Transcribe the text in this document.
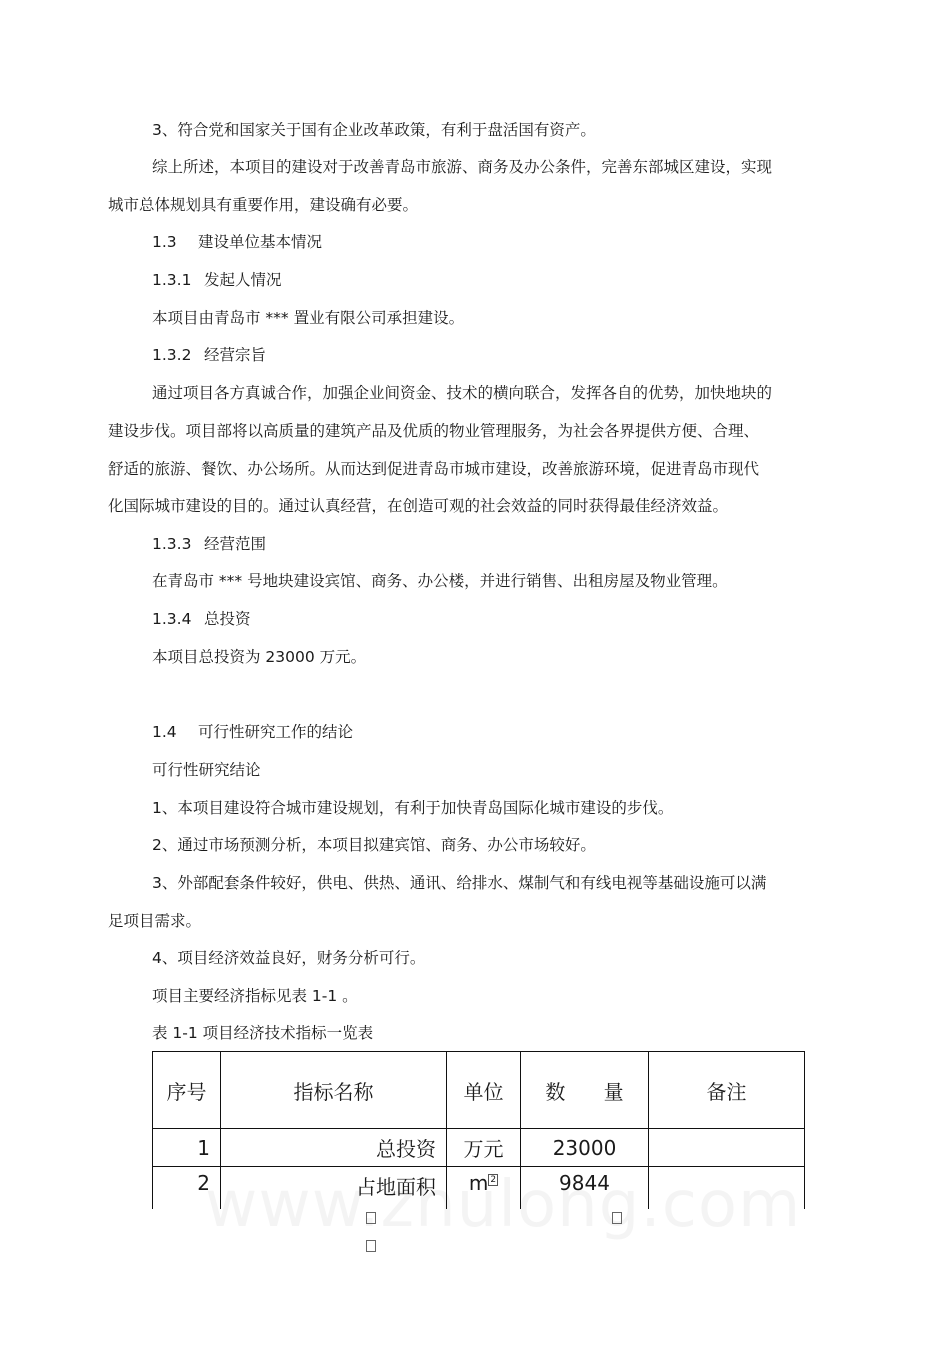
3、符合党和国家关于国有企业改革政策，有利于盘活国有资产。
综上所述，本项目的建设对于改善青岛市旅游、商务及办公条件，完善东部城区建设，实现
城市总体规划具有重要作用，建设确有必要。
1.3 建设单位基本情况
1.3.1 发起人情况
本项目由青岛市 *** 置业有限公司承担建设。
1.3.2 经营宗旨
通过项目各方真诚合作，加强企业间资金、技术的横向联合，发挥各自的优势，加快地块的
建设步伐。项目部将以高质量的建筑产品及优质的物业管理服务，为社会各界提供方便、合理、
舒适的旅游、餐饮、办公场所。从而达到促进青岛市城市建设，改善旅游环境，促进青岛市现代
化国际城市建设的目的。通过认真经营，在创造可观的社会效益的同时获得最佳经济效益。
1.3.3 经营范围
在青岛市 *** 号地块建设宾馆、商务、办公楼，并进行销售、出租房屋及物业管理。
1.3.4 总投资
本项目总投资为 23000 万元。
1.4 可行性研究工作的结论
可行性研究结论
1、本项目建设符合城市建设规划，有利于加快青岛国际化城市建设的步伐。
2、通过市场预测分析，本项目拟建宾馆、商务、办公市场较好。
3、外部配套条件较好，供电、供热、通讯、给排水、煤制气和有线电视等基础设施可以满
足项目需求。
4、项目经济效益良好，财务分析可行。
项目主要经济指标见表 1-1 。
表 1-1 项目经济技术指标一览表
序号	指标名称	单位	数      量	备注
1	总投资	万元	23000	
2	占地面积	m $^2$	9844	
